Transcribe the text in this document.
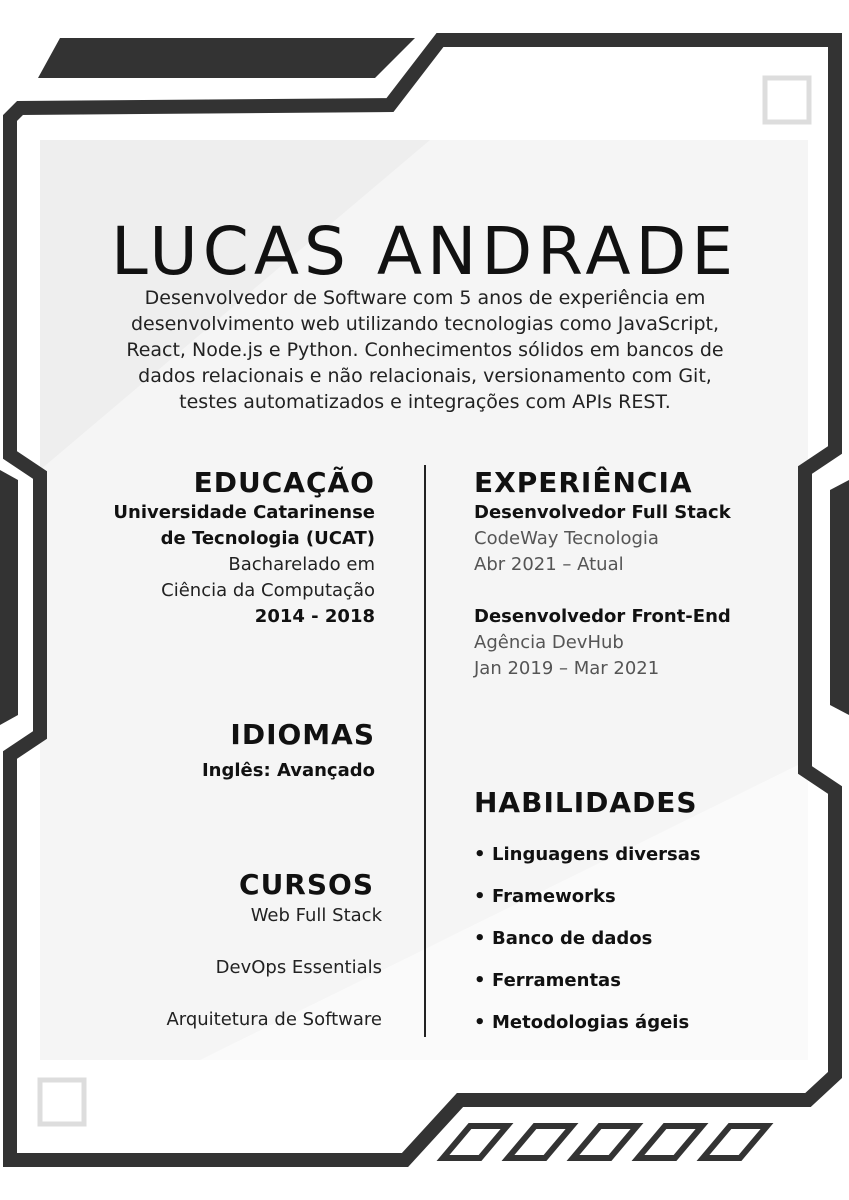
LUCAS ANDRADE

Desenvolvedor de Software com 5 anos de experiência em desenvolvimento web utilizando tecnologias como JavaScript, React, Node.js e Python. Conhecimentos sólidos em bancos de dados relacionais e não relacionais, versionamento com Git, testes automatizados e integrações com APIs REST.

EDUCAÇÃO
Universidade Catarinense
de Tecnologia (UCAT)
Bacharelado em
Ciência da Computação
2014 - 2018
IDIOMAS
Inglês: Avançado
CURSOS
Web Full Stack
DevOps Essentials
Arquitetura de Software
EXPERIÊNCIA
Desenvolvedor Full Stack
CodeWay Tecnologia
Abr 2021 – Atual
Desenvolvedor Front-End
Agência DevHub
Jan 2019 – Mar 2021
HABILIDADES
• Linguagens diversas
• Frameworks
• Banco de dados
• Ferramentas
• Metodologias ágeis
